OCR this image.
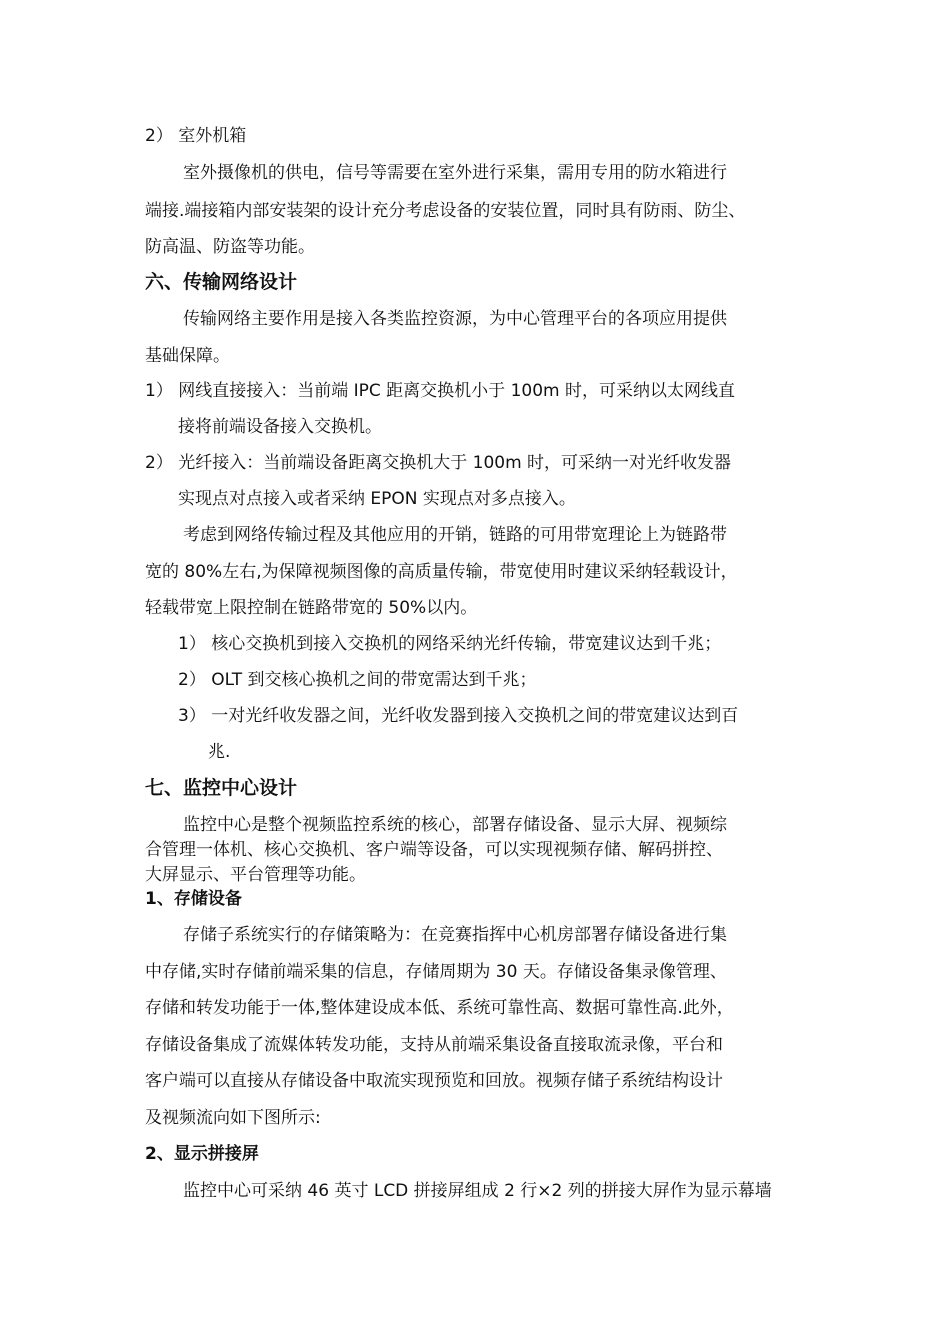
2） 室外机箱
室外摄像机的供电，信号等需要在室外进行采集，需用专用的防水箱进行
端接.端接箱内部安装架的设计充分考虑设备的安装位置，同时具有防雨、防尘、
防高温、防盗等功能。
六、传输网络设计
传输网络主要作用是接入各类监控资源，为中心管理平台的各项应用提供
基础保障。
1） 网线直接接入：当前端 IPC 距离交换机小于 100m 时，可采纳以太网线直
接将前端设备接入交换机。
2） 光纤接入：当前端设备距离交换机大于 100m 时，可采纳一对光纤收发器
实现点对点接入或者采纳 EPON 实现点对多点接入。
考虑到网络传输过程及其他应用的开销，链路的可用带宽理论上为链路带
宽的 80%左右,为保障视频图像的高质量传输，带宽使用时建议采纳轻载设计，
轻载带宽上限控制在链路带宽的 50%以内。
1） 核心交换机到接入交换机的网络采纳光纤传输，带宽建议达到千兆；
2） OLT 到交核心换机之间的带宽需达到千兆；
3） 一对光纤收发器之间，光纤收发器到接入交换机之间的带宽建议达到百
兆.
七、监控中心设计
监控中心是整个视频监控系统的核心，部署存储设备、显示大屏、视频综
合管理一体机、核心交换机、客户端等设备，可以实现视频存储、解码拼控、
大屏显示、平台管理等功能。
1、存储设备
存储子系统实行的存储策略为：在竞赛指挥中心机房部署存储设备进行集
中存储,实时存储前端采集的信息，存储周期为 30 天。存储设备集录像管理、
存储和转发功能于一体,整体建设成本低、系统可靠性高、数据可靠性高.此外，
存储设备集成了流媒体转发功能，支持从前端采集设备直接取流录像，平台和
客户端可以直接从存储设备中取流实现预览和回放。视频存储子系统结构设计
及视频流向如下图所示:
2、显示拼接屏
监控中心可采纳 46 英寸 LCD 拼接屏组成 2 行×2 列的拼接大屏作为显示幕墙
